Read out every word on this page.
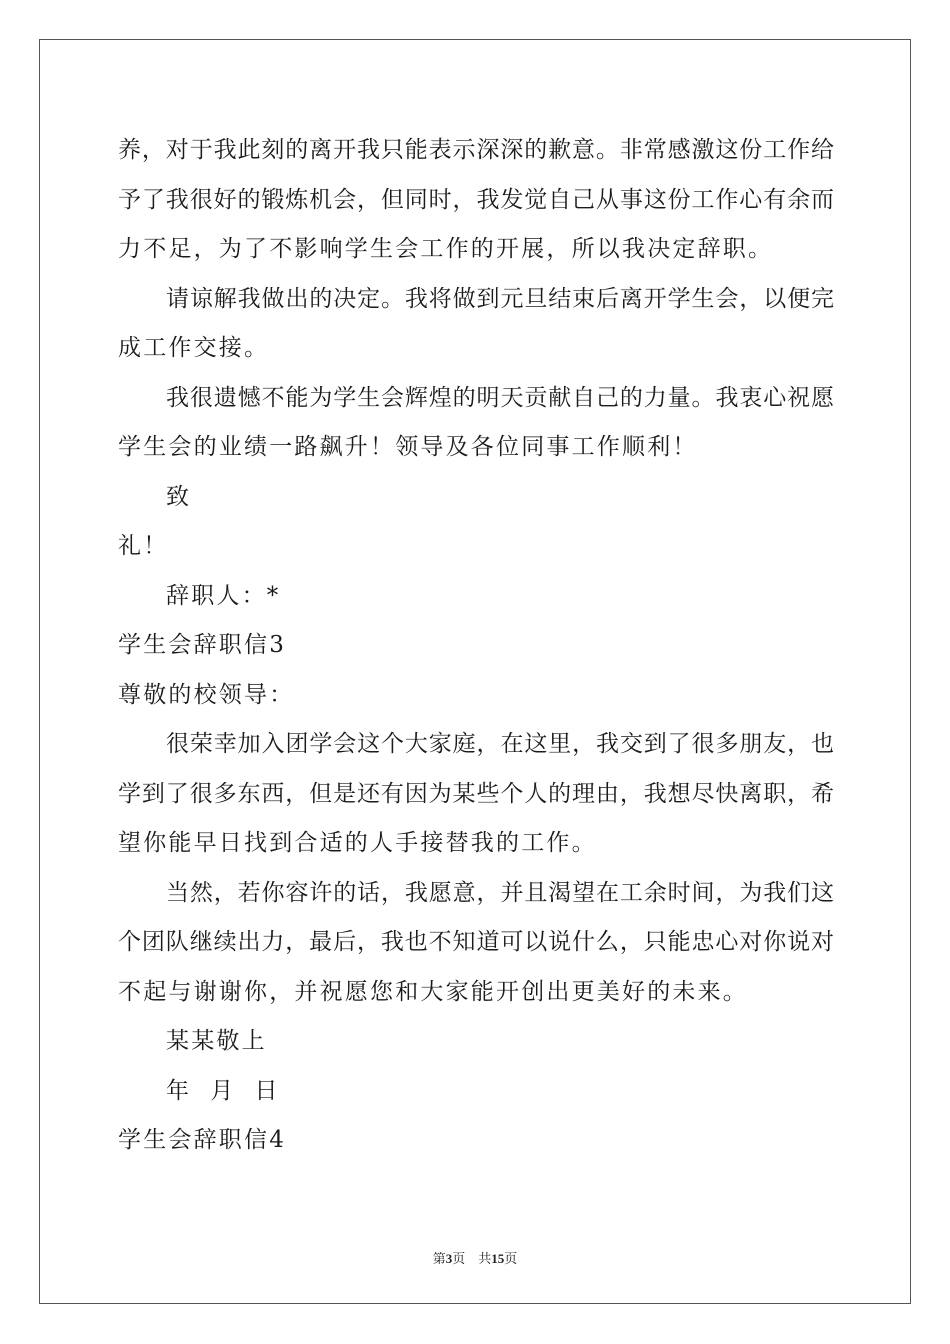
养，对于我此刻的离开我只能表示深深的歉意。非常感激这份工作给
予了我很好的锻炼机会，但同时，我发觉自己从事这份工作心有余而
力不足，为了不影响学生会工作的开展，所以我决定辞职。
请谅解我做出的决定。我将做到元旦结束后离开学生会，以便完
成工作交接。
我很遗憾不能为学生会辉煌的明天贡献自己的力量。我衷心祝愿
学生会的业绩一路飙升！领导及各位同事工作顺利！
致
礼！
辞职人：*
学生会辞职信3
尊敬的校领导：
很荣幸加入团学会这个大家庭，在这里，我交到了很多朋友，也
学到了很多东西，但是还有因为某些个人的理由，我想尽快离职，希
望你能早日找到合适的人手接替我的工作。
当然，若你容许的话，我愿意，并且渴望在工余时间，为我们这
个团队继续出力，最后，我也不知道可以说什么，只能忠心对你说对
不起与谢谢你，并祝愿您和大家能开创出更美好的未来。
某某敬上
年  月  日
学生会辞职信4
第3页 共15页
